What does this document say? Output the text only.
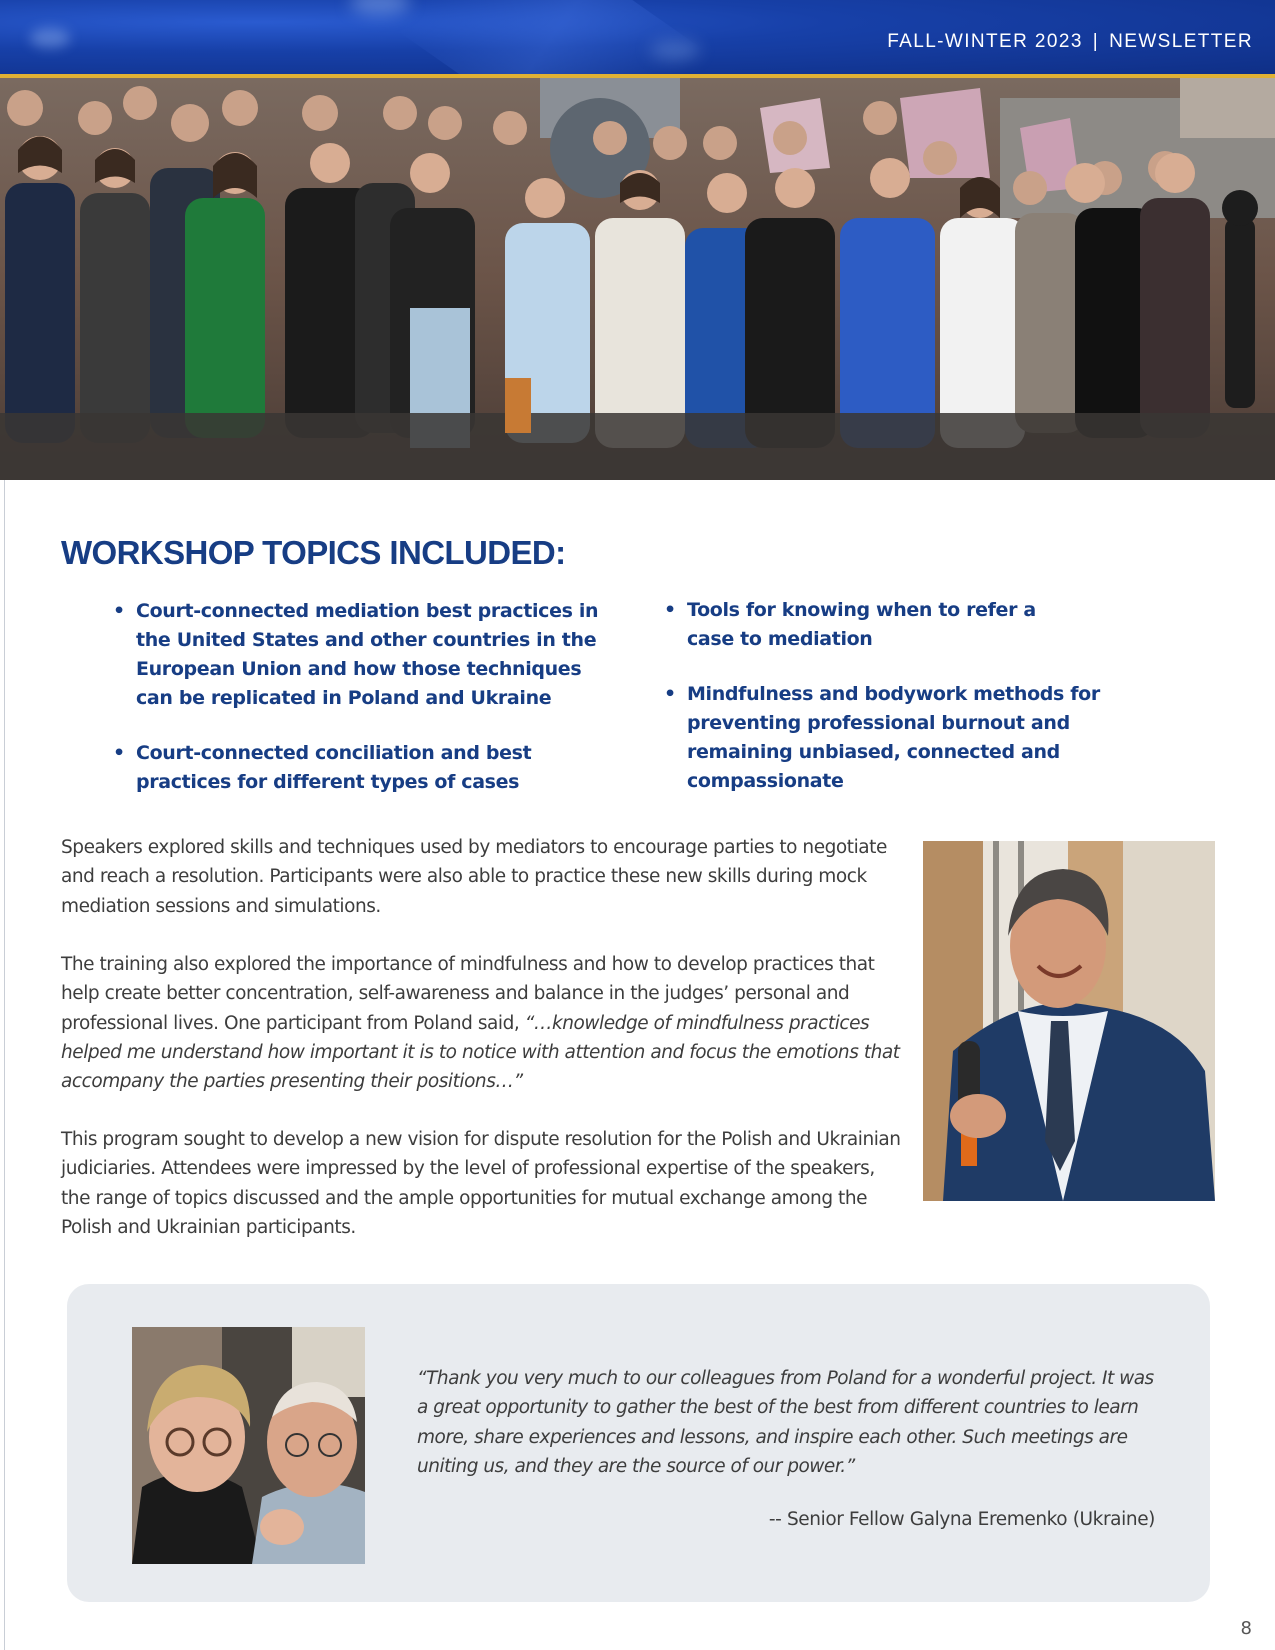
FALL-WINTER 2023 | NEWSLETTER
WORKSHOP TOPICS INCLUDED:
• Court-connected mediation best practices in the United States and other countries in the European Union and how those techniques can be replicated in Poland and Ukraine
• Court-connected conciliation and best practices for different types of cases
• Tools for knowing when to refer a case to mediation
• Mindfulness and bodywork methods for preventing professional burnout and remaining unbiased, connected and compassionate

Speakers explored skills and techniques used by mediators to encourage parties to negotiate and reach a resolution. Participants were also able to practice these new skills during mock mediation sessions and simulations.

The training also explored the importance of mindfulness and how to develop practices that help create better concentration, self-awareness and balance in the judges’ personal and professional lives. One participant from Poland said, “…knowledge of mindfulness practices helped me understand how important it is to notice with attention and focus the emotions that accompany the parties presenting their positions…”

This program sought to develop a new vision for dispute resolution for the Polish and Ukrainian judiciaries. Attendees were impressed by the level of professional expertise of the speakers, the range of topics discussed and the ample opportunities for mutual exchange among the Polish and Ukrainian participants.

“Thank you very much to our colleagues from Poland for a wonderful project. It was a great opportunity to gather the best of the best from different countries to learn more, share experiences and lessons, and inspire each other. Such meetings are uniting us, and they are the source of our power.”

-- Senior Fellow Galyna Eremenko (Ukraine)
8
